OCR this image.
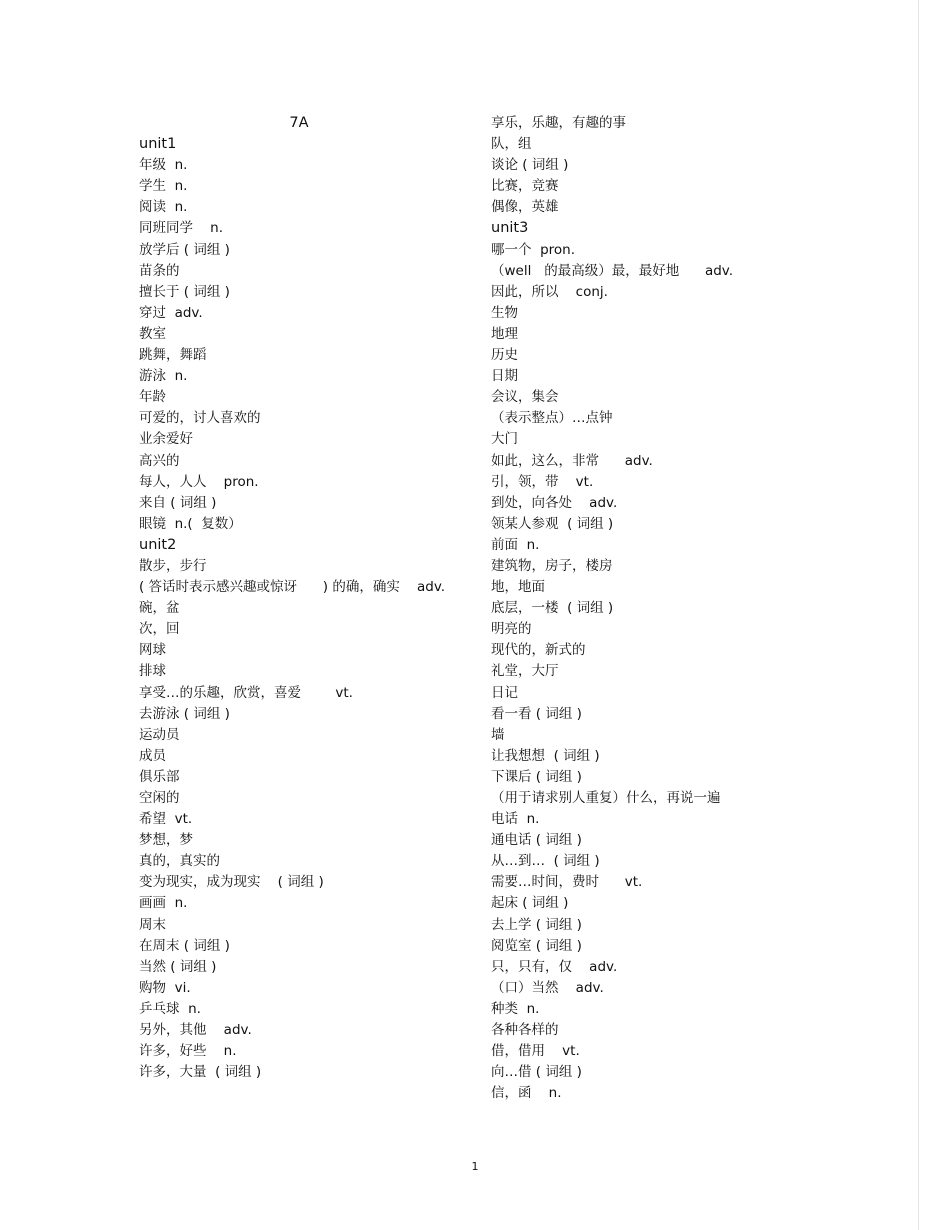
7A
unit1
年级  n.
学生  n.
阅读  n.
同班同学    n.
放学后 ( 词组 )
苗条的
擅长于 ( 词组 )
穿过  adv.
教室
跳舞，舞蹈
游泳  n.
年龄
可爱的，讨人喜欢的
业余爱好
高兴的
每人，人人    pron.
来自 ( 词组 )
眼镜  n.(  复数）
unit2
散步，步行
( 答话时表示感兴趣或惊讶      ) 的确，确实    adv.
碗，盆
次，回
网球
排球
享受…的乐趣，欣赏，喜爱        vt.
去游泳 ( 词组 )
运动员
成员
俱乐部
空闲的
希望  vt.
梦想，梦
真的，真实的
变为现实，成为现实    ( 词组 )
画画  n.
周末
在周末 ( 词组 )
当然 ( 词组 )
购物  vi.
乒乓球  n.
另外，其他    adv.
许多，好些    n.
许多，大量  ( 词组 )
享乐，乐趣，有趣的事
队，组
谈论 ( 词组 )
比赛，竞赛
偶像，英雄
unit3
哪一个  pron.
（well   的最高级）最，最好地      adv.
因此，所以    conj.
生物
地理
历史
日期
会议，集会
（表示整点）…点钟
大门
如此，这么，非常      adv.
引，领，带    vt.
到处，向各处    adv.
领某人参观  ( 词组 )
前面  n.
建筑物，房子，楼房
地，地面
底层，一楼  ( 词组 )
明亮的
现代的，新式的
礼堂，大厅
日记
看一看 ( 词组 )
墙
让我想想  ( 词组 )
下课后 ( 词组 )
（用于请求别人重复）什么，再说一遍
电话  n.
通电话 ( 词组 )
从…到…  ( 词组 )
需要…时间，费时      vt.
起床 ( 词组 )
去上学 ( 词组 )
阅览室 ( 词组 )
只，只有，仅    adv.
（口）当然    adv.
种类  n.
各种各样的
借，借用    vt.
向…借 ( 词组 )
信，函    n.
1
